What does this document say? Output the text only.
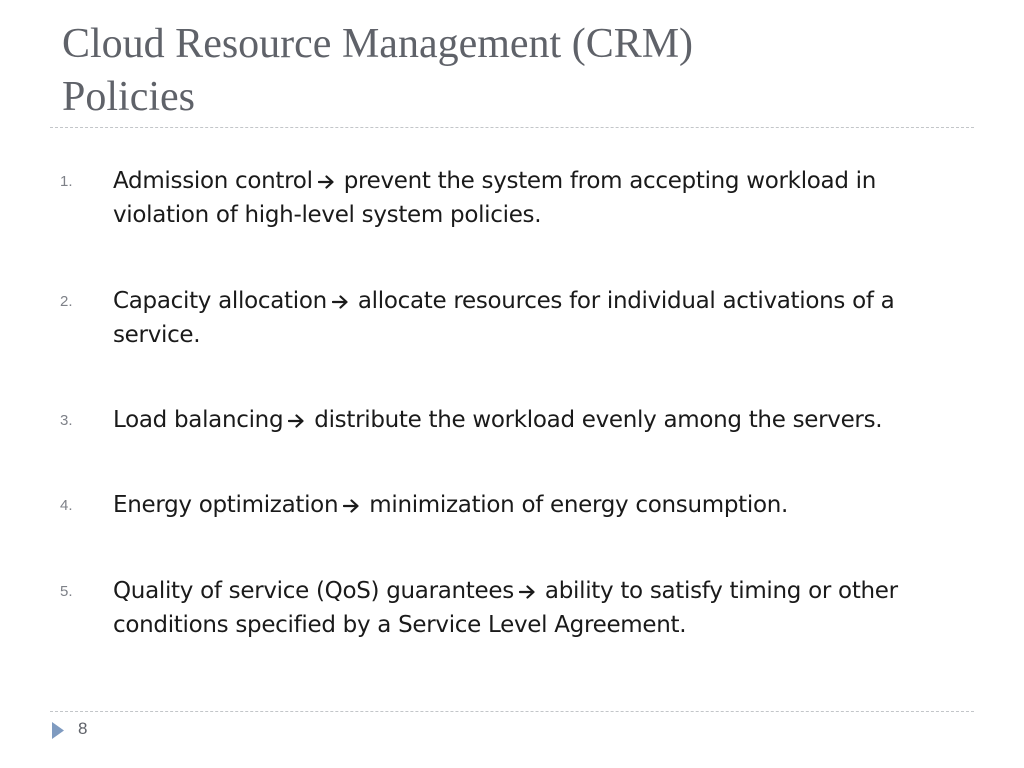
Cloud Resource Management (CRM)
Policies
1. Admission control prevent the system from accepting workload in violation of high-level system policies.
2. Capacity allocation allocate resources for individual activations of a service.
3. Load balancing distribute the workload evenly among the servers.
4. Energy optimization minimization of energy consumption.
5. Quality of service (QoS) guarantees ability to satisfy timing or other conditions specified by a Service Level Agreement.
8
